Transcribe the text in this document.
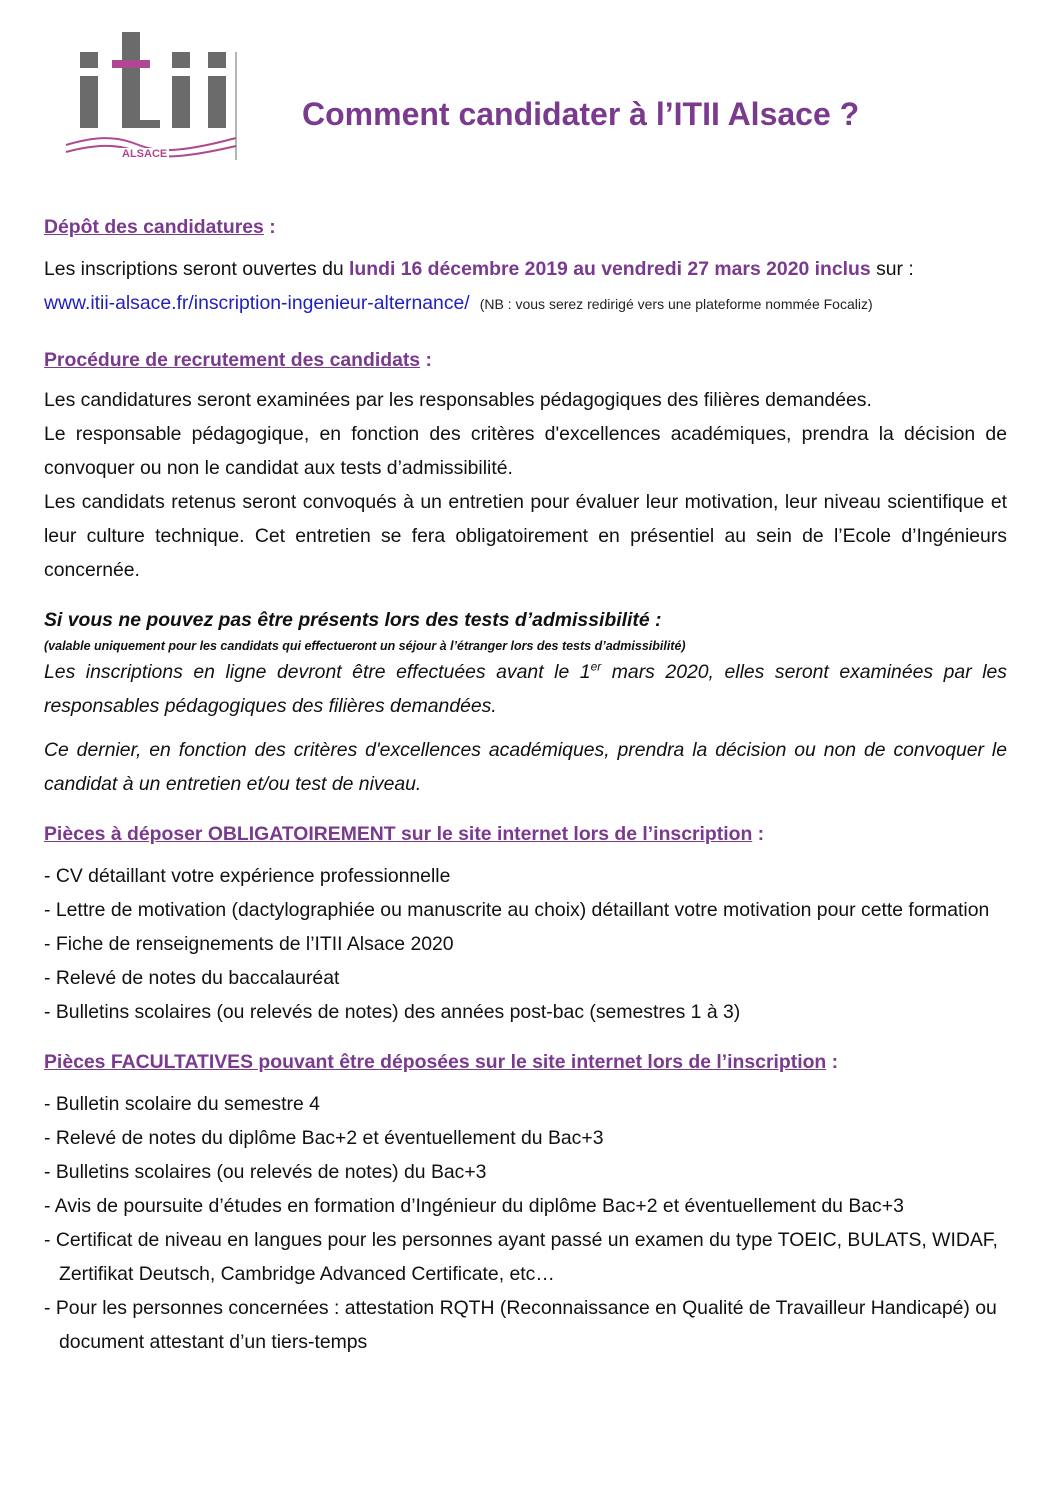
ALSACE
Comment candidater à l’ITII Alsace ?

Dépôt des candidatures :

Les inscriptions seront ouvertes du lundi 16 décembre 2019 au vendredi 27 mars 2020 inclus sur :

www.itii-alsace.fr/inscription-ingenieur-alternance/ (NB : vous serez redirigé vers une plateforme nommée Focaliz)

Procédure de recrutement des candidats :

Les candidatures seront examinées par les responsables pédagogiques des filières demandées.

Le responsable pédagogique, en fonction des critères d'excellences académiques, prendra la décision de convoquer ou non le candidat aux tests d’admissibilité.

Les candidats retenus seront convoqués à un entretien pour évaluer leur motivation, leur niveau scientifique et leur culture technique. Cet entretien se fera obligatoirement en présentiel au sein de l’Ecole d’Ingénieurs concernée.

Si vous ne pouvez pas être présents lors des tests d’admissibilité :

(valable uniquement pour les candidats qui effectueront un séjour à l’étranger lors des tests d’admissibilité)

Les inscriptions en ligne devront être effectuées avant le 1er mars 2020, elles seront examinées par les responsables pédagogiques des filières demandées.

Ce dernier, en fonction des critères d'excellences académiques, prendra la décision ou non de convoquer le candidat à un entretien et/ou test de niveau.

Pièces à déposer OBLIGATOIREMENT sur le site internet lors de l’inscription :

- CV détaillant votre expérience professionnelle
- Lettre de motivation (dactylographiée ou manuscrite au choix) détaillant votre motivation pour cette formation
- Fiche de renseignements de l’ITII Alsace 2020
- Relevé de notes du baccalauréat
- Bulletins scolaires (ou relevés de notes) des années post-bac (semestres 1 à 3)

Pièces FACULTATIVES pouvant être déposées sur le site internet lors de l’inscription :

- Bulletin scolaire du semestre 4
- Relevé de notes du diplôme Bac+2 et éventuellement du Bac+3
- Bulletins scolaires (ou relevés de notes) du Bac+3
- Avis de poursuite d’études en formation d’Ingénieur du diplôme Bac+2 et éventuellement du Bac+3
- Certificat de niveau en langues pour les personnes ayant passé un examen du type TOEIC, BULATS, WIDAF, Zertifikat Deutsch, Cambridge Advanced Certificate, etc…
- Pour les personnes concernées : attestation RQTH (Reconnaissance en Qualité de Travailleur Handicapé) ou document attestant d’un tiers-temps
